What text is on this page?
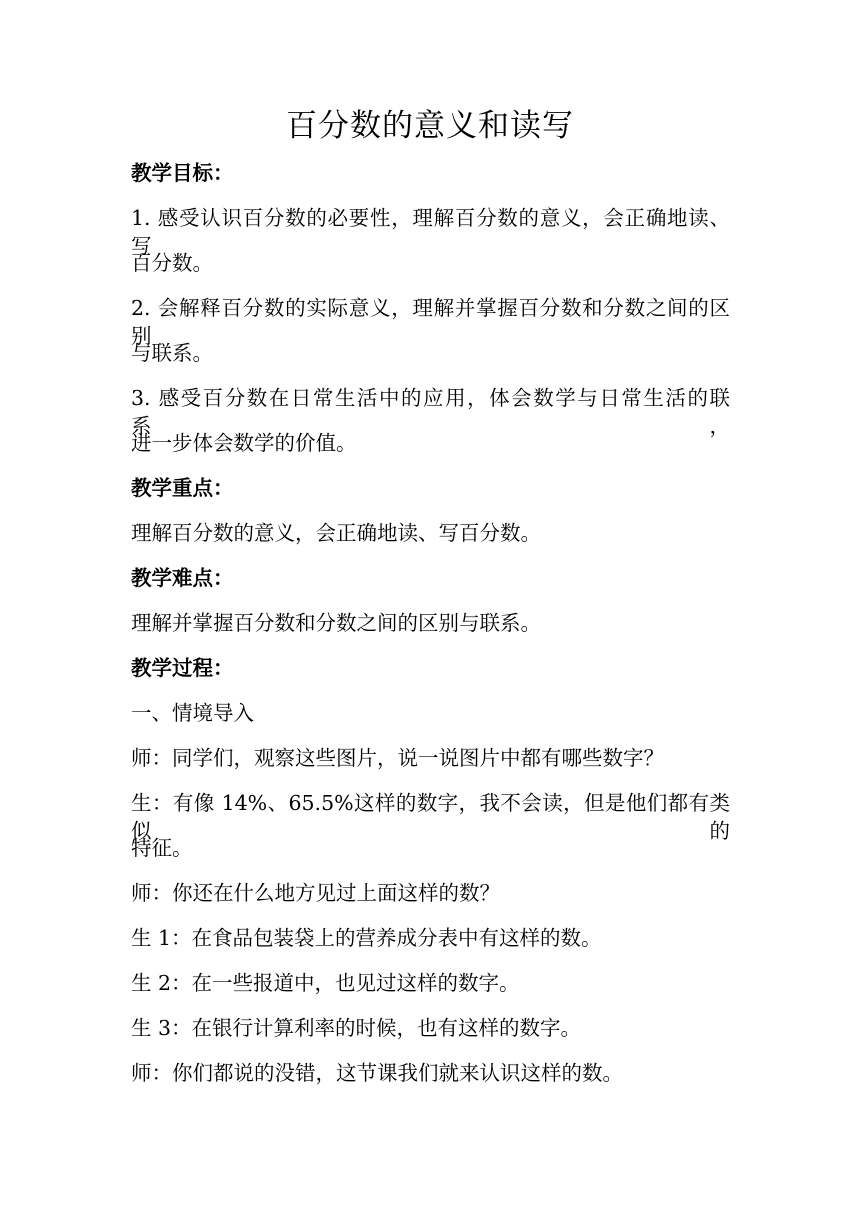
百分数的意义和读写
教学目标：
1. 感受认识百分数的必要性，理解百分数的意义，会正确地读、写
百分数。
2. 会解释百分数的实际意义，理解并掌握百分数和分数之间的区别
与联系。
3. 感受百分数在日常生活中的应用，体会数学与日常生活的联系，
进一步体会数学的价值。
教学重点：
理解百分数的意义，会正确地读、写百分数。
教学难点：
理解并掌握百分数和分数之间的区别与联系。
教学过程：
一、情境导入
师：同学们，观察这些图片，说一说图片中都有哪些数字？
生：有像 14%、65.5%这样的数字，我不会读，但是他们都有类似的
特征。
师：你还在什么地方见过上面这样的数？
生 1：在食品包装袋上的营养成分表中有这样的数。
生 2：在一些报道中，也见过这样的数字。
生 3：在银行计算利率的时候，也有这样的数字。
师：你们都说的没错，这节课我们就来认识这样的数。
